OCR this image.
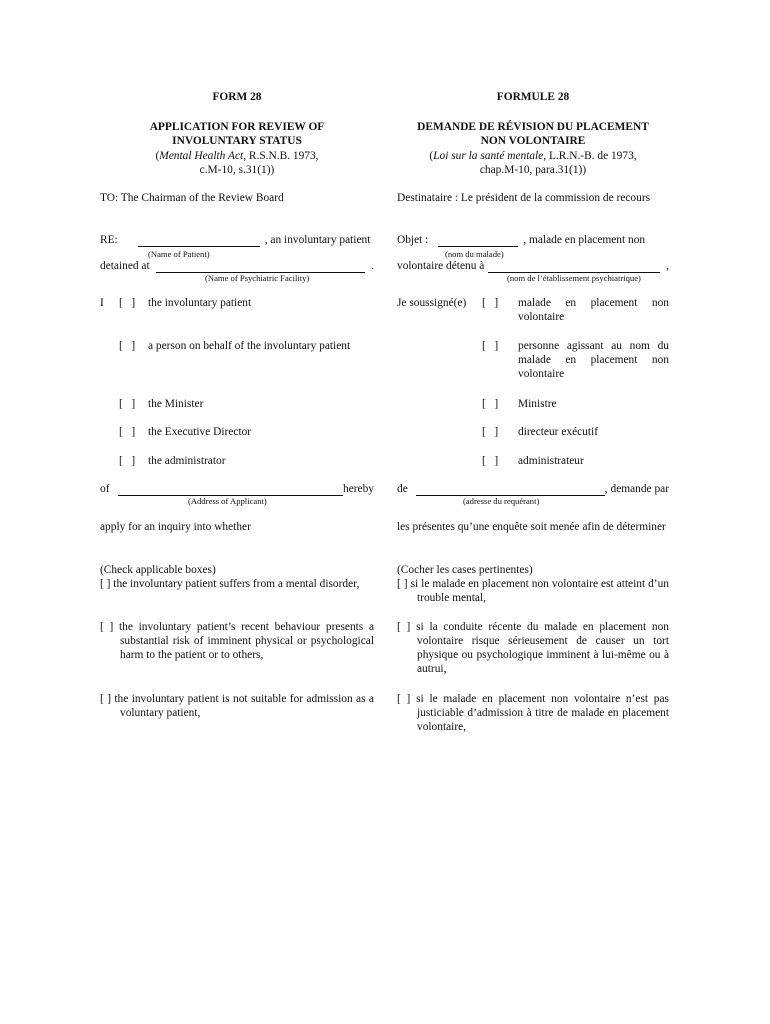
FORM 28
APPLICATION FOR REVIEW OF
INVOLUNTARY STATUS
(Mental Health Act, R.S.N.B. 1973,
c.M-10, s.31(1))
TO: The Chairman of the Review Board
RE:	, an involuntary patient
(Name of Patient)
detained at	.
(Name of Psychiatric Facility)
I	[   ] the involuntary patient
[   ] a person on behalf of the involuntary patient
[   ] the Minister
[   ] the Executive Director
[   ] the administrator
of	hereby
(Address of Applicant)
apply for an inquiry into whether
(Check applicable boxes)
[ ] the involuntary patient suffers from a mental disorder,
[ ] the involuntary patient’s recent behaviour presents a substantial risk of imminent physical or psychological harm to the patient or to others,
[ ] the involuntary patient is not suitable for admission as a voluntary patient,
FORMULE 28
DEMANDE DE RÉVISION DU PLACEMENT
NON VOLONTAIRE
(Loi sur la santé mentale, L.R.N.-B. de 1973,
chap.M-10, para.31(1))
Destinataire : Le président de la commission de recours
Objet :	, malade en placement non
(nom du malade)
volontaire détenu à	,
(nom de l’établissement psychiatrique)
Je soussigné(e)	[   ] malade en placement non volontaire
[   ] personne agissant au nom du malade en placement non volontaire
[   ] Ministre
[   ] directeur exécutif
[   ] administrateur
de	, demande par
(adresse du requérant)
les présentes qu’une enquête soit menée afin de déterminer
(Cocher les cases pertinentes)
[ ] si le malade en placement non volontaire est atteint d’un trouble mental,
[ ] si la conduite récente du malade en placement non volontaire risque sérieusement de causer un tort physique ou psychologique imminent à lui-même ou à autrui,
[ ] si le malade en placement non volontaire n’est pas justiciable d’admission à titre de malade en placement volontaire,
